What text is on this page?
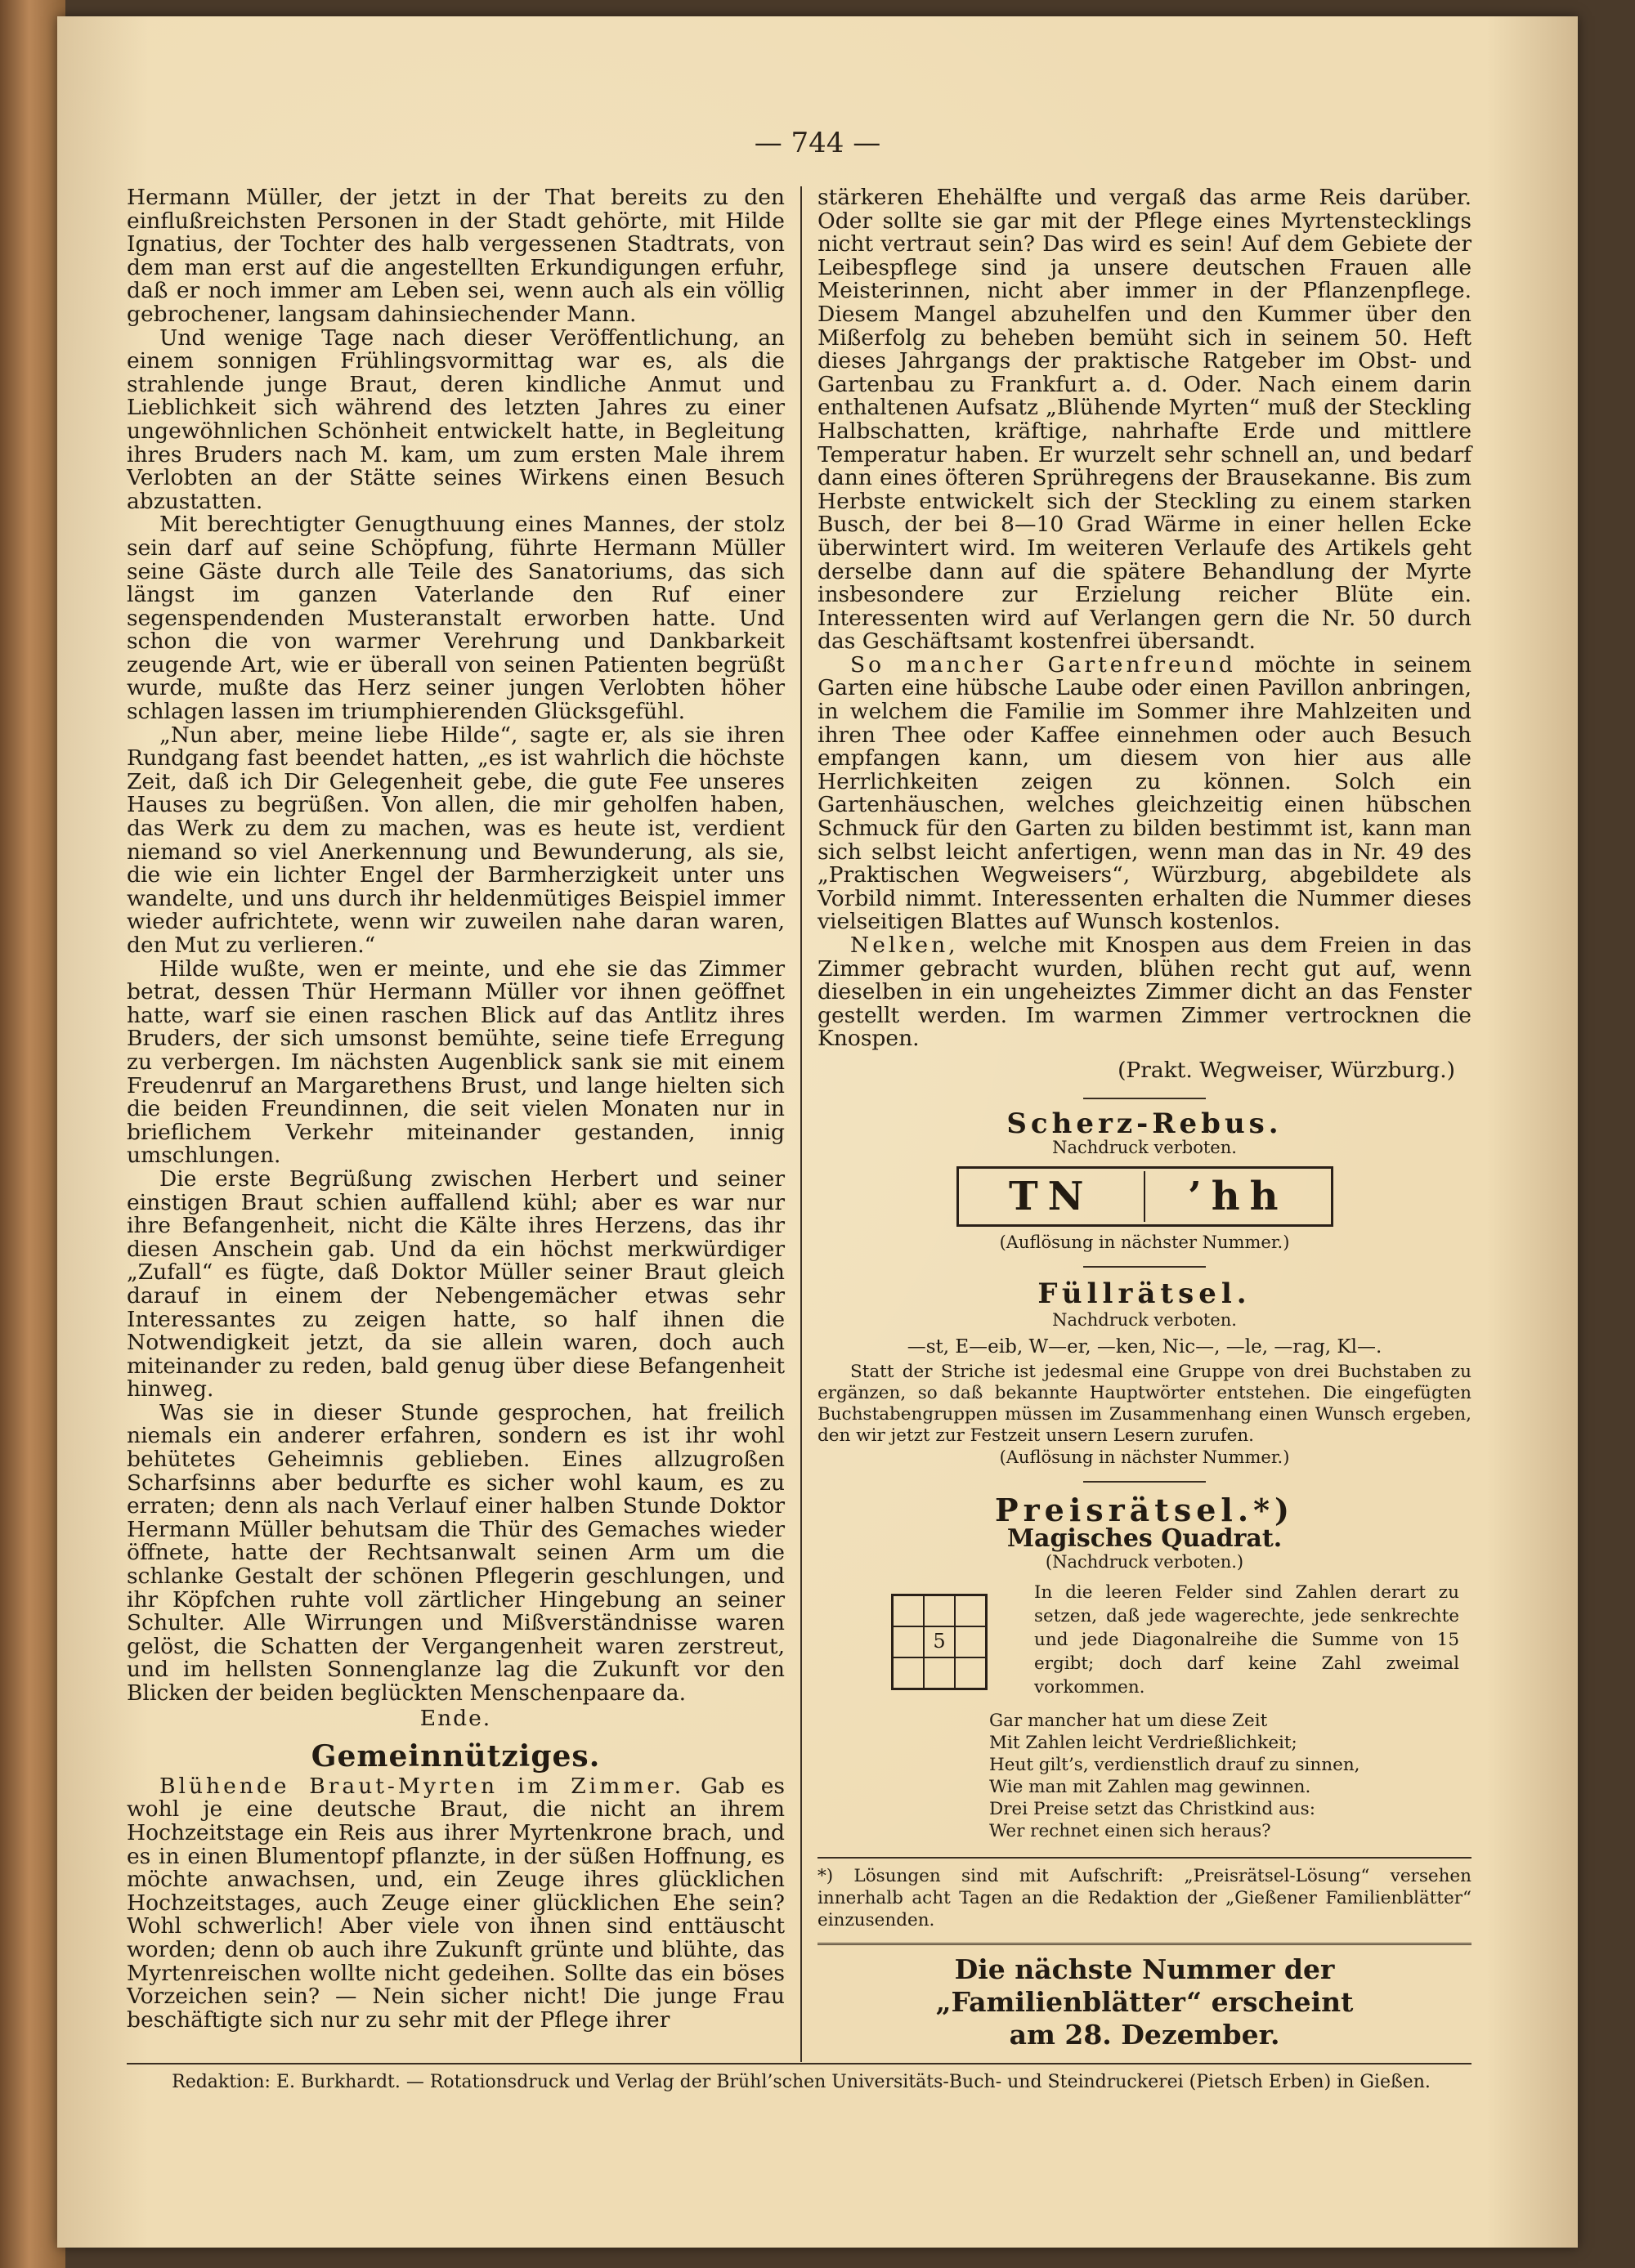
— 744 —

Hermann Müller, der jetzt in der That bereits zu den einflußreichsten Personen in der Stadt gehörte, mit Hilde Ignatius, der Tochter des halb vergessenen Stadtrats, von dem man erst auf die angestellten Erkundigungen erfuhr, daß er noch immer am Leben sei, wenn auch als ein völlig gebrochener, langsam dahinsiechender Mann.

Und wenige Tage nach dieser Veröffentlichung, an einem sonnigen Frühlingsvormittag war es, als die strahlende junge Braut, deren kindliche Anmut und Lieblichkeit sich während des letzten Jahres zu einer ungewöhnlichen Schönheit entwickelt hatte, in Begleitung ihres Bruders nach M. kam, um zum ersten Male ihrem Verlobten an der Stätte seines Wirkens einen Besuch abzustatten.

Mit berechtigter Genugthuung eines Mannes, der stolz sein darf auf seine Schöpfung, führte Hermann Müller seine Gäste durch alle Teile des Sanatoriums, das sich längst im ganzen Vaterlande den Ruf einer segenspendenden Musteranstalt erworben hatte. Und schon die von warmer Verehrung und Dankbarkeit zeugende Art, wie er überall von seinen Patienten begrüßt wurde, mußte das Herz seiner jungen Verlobten höher schlagen lassen im triumphierenden Glücksgefühl.

„Nun aber, meine liebe Hilde“, sagte er, als sie ihren Rundgang fast beendet hatten, „es ist wahrlich die höchste Zeit, daß ich Dir Gelegenheit gebe, die gute Fee unseres Hauses zu begrüßen. Von allen, die mir geholfen haben, das Werk zu dem zu machen, was es heute ist, verdient niemand so viel Anerkennung und Bewunderung, als sie, die wie ein lichter Engel der Barmherzigkeit unter uns wandelte, und uns durch ihr heldenmütiges Beispiel immer wieder aufrichtete, wenn wir zuweilen nahe daran waren, den Mut zu verlieren.“

Hilde wußte, wen er meinte, und ehe sie das Zimmer betrat, dessen Thür Hermann Müller vor ihnen geöffnet hatte, warf sie einen raschen Blick auf das Antlitz ihres Bruders, der sich umsonst bemühte, seine tiefe Erregung zu verbergen. Im nächsten Augenblick sank sie mit einem Freudenruf an Margarethens Brust, und lange hielten sich die beiden Freundinnen, die seit vielen Monaten nur in brieflichem Verkehr miteinander gestanden, innig umschlungen.

Die erste Begrüßung zwischen Herbert und seiner einstigen Braut schien auffallend kühl; aber es war nur ihre Befangenheit, nicht die Kälte ihres Herzens, das ihr diesen Anschein gab. Und da ein höchst merkwürdiger „Zufall“ es fügte, daß Doktor Müller seiner Braut gleich darauf in einem der Nebengemächer etwas sehr Interessantes zu zeigen hatte, so half ihnen die Notwendigkeit jetzt, da sie allein waren, doch auch miteinander zu reden, bald genug über diese Befangenheit hinweg.

Was sie in dieser Stunde gesprochen, hat freilich niemals ein anderer erfahren, sondern es ist ihr wohl behütetes Geheimnis geblieben. Eines allzugroßen Scharfsinns aber bedurfte es sicher wohl kaum, es zu erraten; denn als nach Verlauf einer halben Stunde Doktor Hermann Müller behutsam die Thür des Gemaches wieder öffnete, hatte der Rechtsanwalt seinen Arm um die schlanke Gestalt der schönen Pflegerin geschlungen, und ihr Köpfchen ruhte voll zärtlicher Hingebung an seiner Schulter. Alle Wirrungen und Mißverständnisse waren gelöst, die Schatten der Vergangenheit waren zerstreut, und im hellsten Sonnenglanze lag die Zukunft vor den Blicken der beiden beglückten Menschenpaare da.

Ende.
Gemeinnütziges.

Blühende Braut-Myrten im Zimmer. Gab es wohl je eine deutsche Braut, die nicht an ihrem Hochzeitstage ein Reis aus ihrer Myrtenkrone brach, und es in einen Blumentopf pflanzte, in der süßen Hoffnung, es möchte anwachsen, und, ein Zeuge ihres glücklichen Hochzeitstages, auch Zeuge einer glücklichen Ehe sein? Wohl schwerlich! Aber viele von ihnen sind enttäuscht worden; denn ob auch ihre Zukunft grünte und blühte, das Myrtenreischen wollte nicht gedeihen. Sollte das ein böses Vorzeichen sein? — Nein sicher nicht! Die junge Frau beschäftigte sich nur zu sehr mit der Pflege ihrer

stärkeren Ehehälfte und vergaß das arme Reis darüber. Oder sollte sie gar mit der Pflege eines Myrtenstecklings nicht vertraut sein? Das wird es sein! Auf dem Gebiete der Leibespflege sind ja unsere deutschen Frauen alle Meisterinnen, nicht aber immer in der Pflanzenpflege. Diesem Mangel abzuhelfen und den Kummer über den Mißerfolg zu beheben bemüht sich in seinem 50. Heft dieses Jahrgangs der praktische Ratgeber im Obst- und Gartenbau zu Frankfurt a. d. Oder. Nach einem darin enthaltenen Aufsatz „Blühende Myrten“ muß der Steckling Halbschatten, kräftige, nahrhafte Erde und mittlere Temperatur haben. Er wurzelt sehr schnell an, und bedarf dann eines öfteren Sprühregens der Brausekanne. Bis zum Herbste entwickelt sich der Steckling zu einem starken Busch, der bei 8—10 Grad Wärme in einer hellen Ecke überwintert wird. Im weiteren Verlaufe des Artikels geht derselbe dann auf die spätere Behandlung der Myrte insbesondere zur Erzielung reicher Blüte ein. Interessenten wird auf Verlangen gern die Nr. 50 durch das Geschäftsamt kostenfrei übersandt.

So mancher Gartenfreund möchte in seinem Garten eine hübsche Laube oder einen Pavillon anbringen, in welchem die Familie im Sommer ihre Mahlzeiten und ihren Thee oder Kaffee einnehmen oder auch Besuch empfangen kann, um diesem von hier aus alle Herrlichkeiten zeigen zu können. Solch ein Gartenhäuschen, welches gleichzeitig einen hübschen Schmuck für den Garten zu bilden bestimmt ist, kann man sich selbst leicht anfertigen, wenn man das in Nr. 49 des „Praktischen Wegweisers“, Würzburg, abgebildete als Vorbild nimmt. Interessenten erhalten die Nummer dieses vielseitigen Blattes auf Wunsch kostenlos.

Nelken, welche mit Knospen aus dem Freien in das Zimmer gebracht wurden, blühen recht gut auf, wenn dieselben in ein ungeheiztes Zimmer dicht an das Fenster gestellt werden. Im warmen Zimmer vertrocknen die Knospen.

(Prakt. Wegweiser, Würzburg.)
Scherz-Rebus.
Nachdruck verboten.
TN	’hh
(Auflösung in nächster Nummer.)
Füllrätsel.
Nachdruck verboten.
—st, E—eib, W—er, —ken, Nic—, —le, —rag, Kl—.
Statt der Striche ist jedesmal eine Gruppe von drei Buchstaben zu ergänzen, so daß bekannte Hauptwörter entstehen. Die eingefügten Buchstabengruppen müssen im Zusammenhang einen Wunsch ergeben, den wir jetzt zur Festzeit unsern Lesern zurufen.
(Auflösung in nächster Nummer.)
Preisrätsel.*)
Magisches Quadrat.
(Nachdruck verboten.)
5
In die leeren Felder sind Zahlen derart zu setzen, daß jede wagerechte, jede senkrechte und jede Diagonalreihe die Summe von 15 ergibt; doch darf keine Zahl zweimal vorkommen.
Gar mancher hat um diese Zeit
Mit Zahlen leicht Verdrießlichkeit;
Heut gilt’s, verdienstlich drauf zu sinnen,
Wie man mit Zahlen mag gewinnen.
Drei Preise setzt das Christkind aus:
Wer rechnet einen sich heraus?
*) Lösungen sind mit Aufschrift: „Preisrätsel-Lösung“ versehen innerhalb acht Tagen an die Redaktion der „Gießener Familienblätter“ einzusenden.
Die nächste Nummer der „Familienblätter“ erscheint
am 28. Dezember.
Redaktion: E. Burkhardt. — Rotationsdruck und Verlag der Brühl’schen Universitäts-Buch- und Steindruckerei (Pietsch Erben) in Gießen.
